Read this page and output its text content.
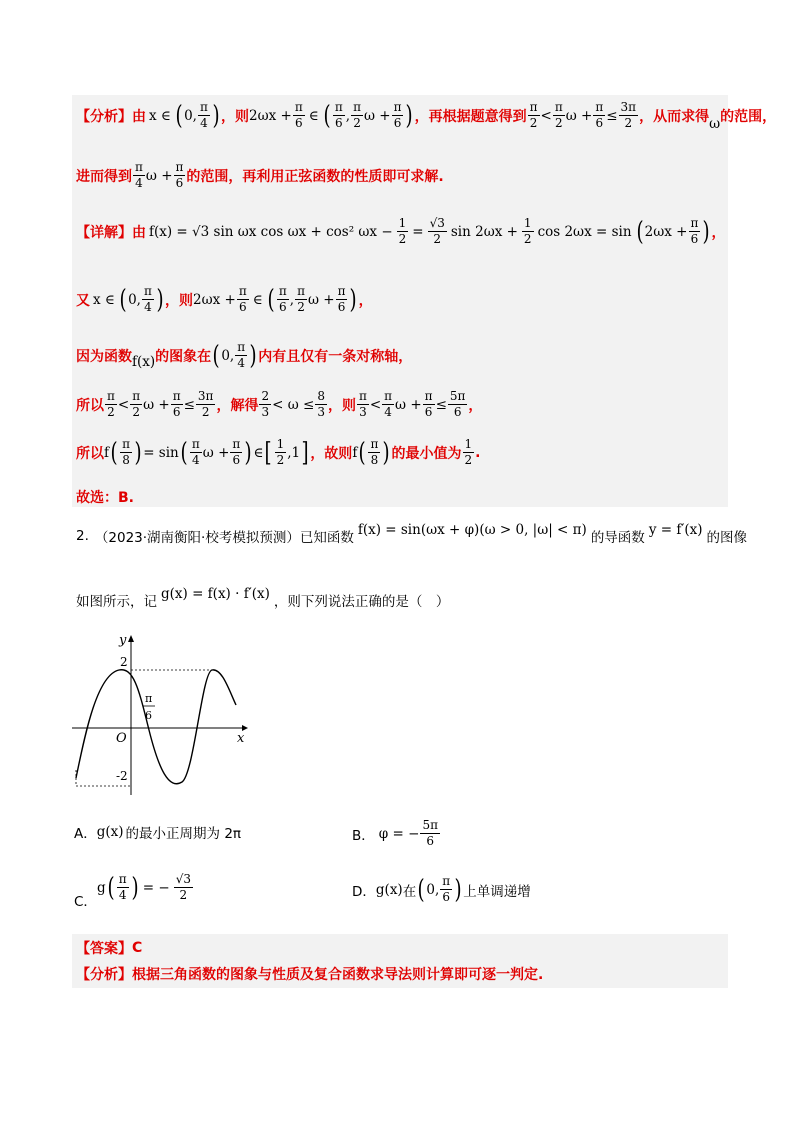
【分析】 由 x ∈ ( 0, $\frac{\pi}{4}$ ) ，则 $2\omega x + \frac{\pi}{6}$ ∈ ( $\frac{\pi}{6}$ , $\frac{\pi}{2}$ $\omega + \frac{\pi}{6}$ ) ，再根据题意得到 $\frac{\pi}{2} < \frac{\pi}{2}$ $\omega + \frac{\pi}{6} \le \frac{3\pi}{2}$ ，从而求得 ω 的范围，
进而得到 $\frac{\pi}{4}$ $\omega + \frac{\pi}{6}$ 的范围，再利用正弦函数的性质即可求解.
【详解】 由 f(x) = √3 sin ωx cos ωx + cos² $\omega x - \frac{1}{2} = \frac{√3}{2}$ $\sin 2\omega x + \frac{1}{2}$ cos 2ωx = sin ( $2\omega x + \frac{\pi}{6}$ ) ，
又 x ∈ ( 0, $\frac{\pi}{4}$ ) ，则 $2\omega x + \frac{\pi}{6}$ ∈ ( $\frac{\pi}{6}$ , $\frac{\pi}{2}$ $\omega + \frac{\pi}{6}$ ) ，
因为函数 f(x) 的图象在 ( 0, $\frac{\pi}{4}$ ) 内有且仅有一条对称轴，
所以 $\frac{\pi}{2} < \frac{\pi}{2}$ $\omega + \frac{\pi}{6} \le \frac{3\pi}{2}$ ，解得 $\frac{2}{3} < \omega \le \frac{8}{3}$ ，则 $\frac{\pi}{3} < \frac{\pi}{4}$ $\omega + \frac{\pi}{6} \le \frac{5\pi}{6}$ ，
所以 f ( $\frac{\pi}{8}$ ) = sin ( $\frac{\pi}{4}$ $\omega + \frac{\pi}{6}$ ) ∈ [ $\frac{1}{2} ,1$ ] ，故则 f ( $\frac{\pi}{8}$ ) 的最小值为 $\frac{1}{2}$ .
故选：B.
2. （2023·湖南衡阳·校考模拟预测）已知函数 f(x) = sin(ωx + φ)(ω > 0, |ω| < π) 的导函数 y = f′(x) 的图像
如图所示，记 g(x) = f(x) · f′(x) ，则下列说法正确的是（　）
y
x
O
2
-2
π
6
A． g(x) 的最小正周期为 2π	B． φ = − $\frac{5\pi}{6}$
C．
g ( $\frac{\pi}{4}$ ) = − $\frac{√3}{2}$	D． g(x) 在 ( 0, $\frac{\pi}{6}$ ) 上单调递增
【答案】 C
【分析】 根据三角函数的图象与性质及复合函数求导法则计算即可逐一判定.
